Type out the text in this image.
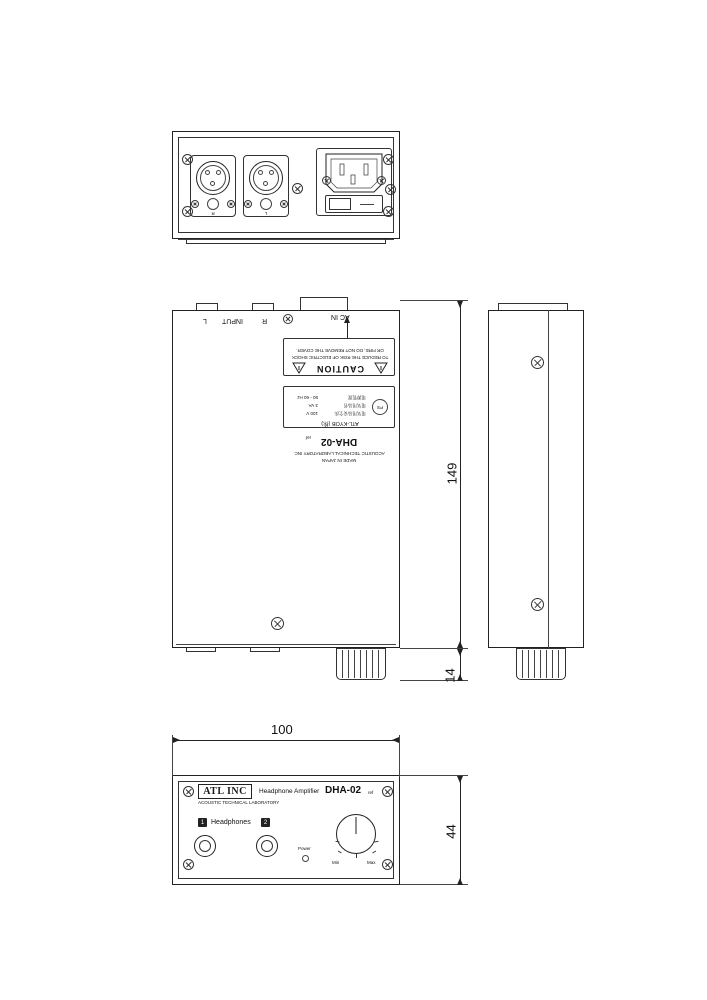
R	L
INPUT
L	R
AC IN
CAUTION
TO REDUCE THE RISK OF ELECTRIC SHOCK
OR FIRE, DO NOT REMOVE THE COVER.
ATL-KYOB (株)
PS
電気用品安全法
電気用品名
電源装置
100 V
3 VA
50 - 60 Hz
MADE IN JAPAN
ACOUSTIC TECHNICAL LABORATORY INC.
DHA-02
ref
149
14
ATL INC
ACOUSTIC TECHNICAL LABORATORY
Headphone Amplifier DHA-02 ref
1 Headphones	2
Power
Min	Max
100
44
